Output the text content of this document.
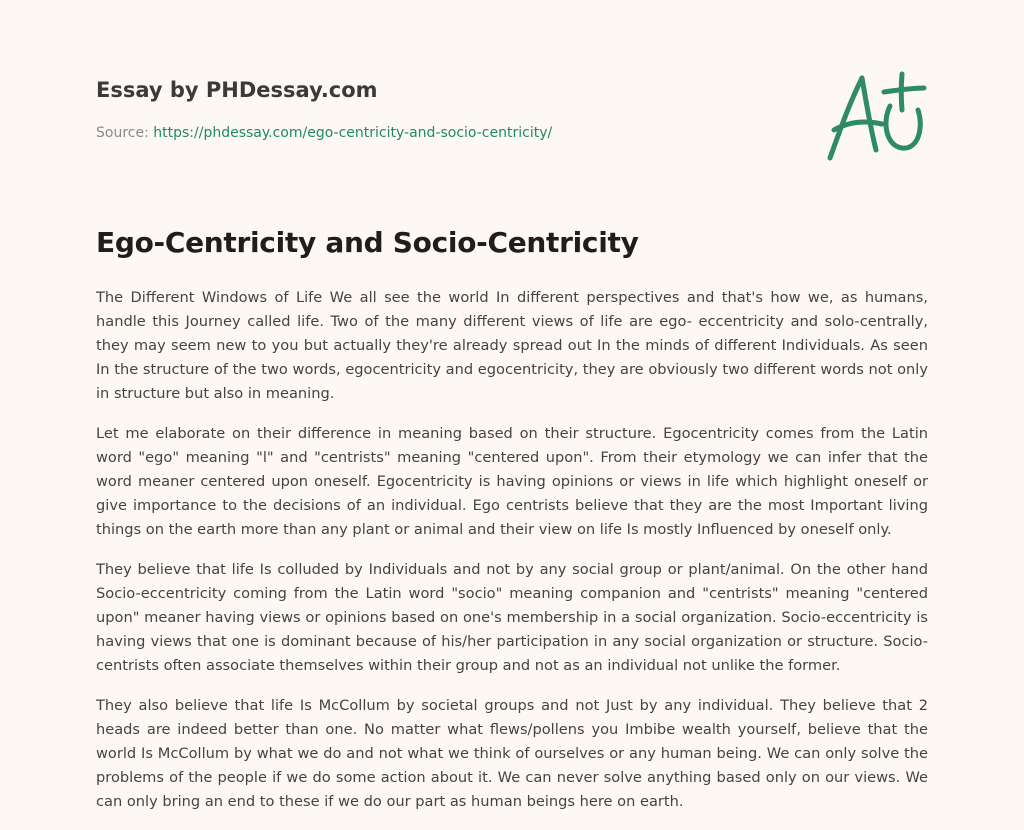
Essay by PHDessay.com
Source: https://phdessay.com/ego-centricity-and-socio-centricity/
Ego-Centricity and Socio-Centricity

The Different Windows of Life We all see the world In different perspectives and that's how we, as humans, handle this Journey called life. Two of the many different views of life are ego- eccentricity and solo-centrally, they may seem new to you but actually they're already spread out In the minds of different Individuals. As seen In the structure of the two words, egocentricity and egocentricity, they are obviously two different words not only in structure but also in meaning.

Let me elaborate on their difference in meaning based on their structure. Egocentricity comes from the Latin word "ego" meaning "l" and "centrists" meaning "centered upon". From their etymology we can infer that the word meaner centered upon oneself. Egocentricity is having opinions or views in life which highlight oneself or give importance to the decisions of an individual. Ego centrists believe that they are the most Important living things on the earth more than any plant or animal and their view on life Is mostly Influenced by oneself only.

They believe that life Is colluded by Individuals and not by any social group or plant/animal. On the other hand Socio-eccentricity coming from the Latin word "socio" meaning companion and "centrists" meaning "centered upon" meaner having views or opinions based on one's membership in a social organization. Socio-eccentricity is having views that one is dominant because of his/her participation in any social organization or structure. Socio-centrists often associate themselves within their group and not as an individual not unlike the former.

They also believe that life Is McCollum by societal groups and not Just by any individual. They believe that 2 heads are indeed better than one. No matter what flews/pollens you Imbibe wealth yourself, believe that the world Is McCollum by what we do and not what we think of ourselves or any human being. We can only solve the problems of the people if we do some action about it. We can never solve anything based only on our views. We can only bring an end to these if we do our part as human beings here on earth.
